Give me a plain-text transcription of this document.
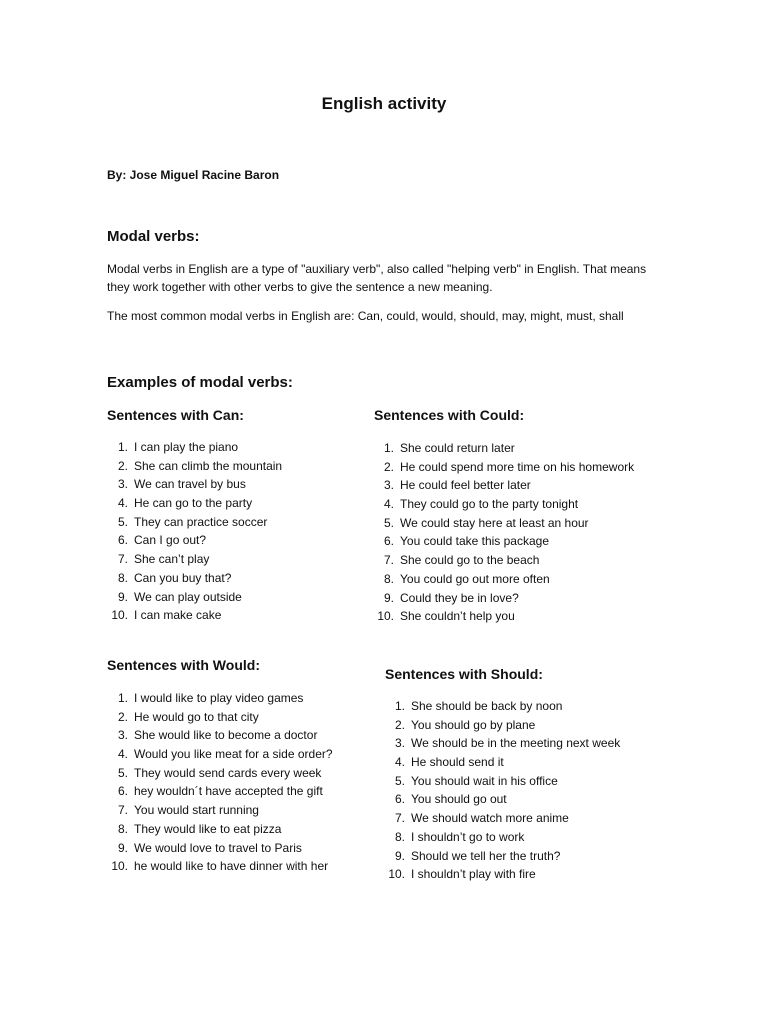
English activity

By: Jose Miguel Racine Baron

Modal verbs:

Modal verbs in English are a type of "auxiliary verb", also called "helping verb" in English. That means they work together with other verbs to give the sentence a new meaning.

The most common modal verbs in English are: Can, could, would, should, may, might, must, shall

Examples of modal verbs:
Sentences with Can:
1. I can play the piano
2. She can climb the mountain
3. We can travel by bus
4. He can go to the party
5. They can practice soccer
6. Can I go out?
7. She can’t play
8. Can you buy that?
9. We can play outside
10. I can make cake
Sentences with Could:
1. She could return later
2. He could spend more time on his homework
3. He could feel better later
4. They could go to the party tonight
5. We could stay here at least an hour
6. You could take this package
7. She could go to the beach
8. You could go out more often
9. Could they be in love?
10. She couldn’t help you
Sentences with Would:
1. I would like to play video games
2. He would go to that city
3. She would like to become a doctor
4. Would you like meat for a side order?
5. They would send cards every week
6. hey wouldn´t have accepted the gift
7. You would start running
8. They would like to eat pizza
9. We would love to travel to Paris
10. he would like to have dinner with her
Sentences with Should:
1. She should be back by noon
2. You should go by plane
3. We should be in the meeting next week
4. He should send it
5. You should wait in his office
6. You should go out
7. We should watch more anime
8. I shouldn’t go to work
9. Should we tell her the truth?
10. I shouldn’t play with fire
